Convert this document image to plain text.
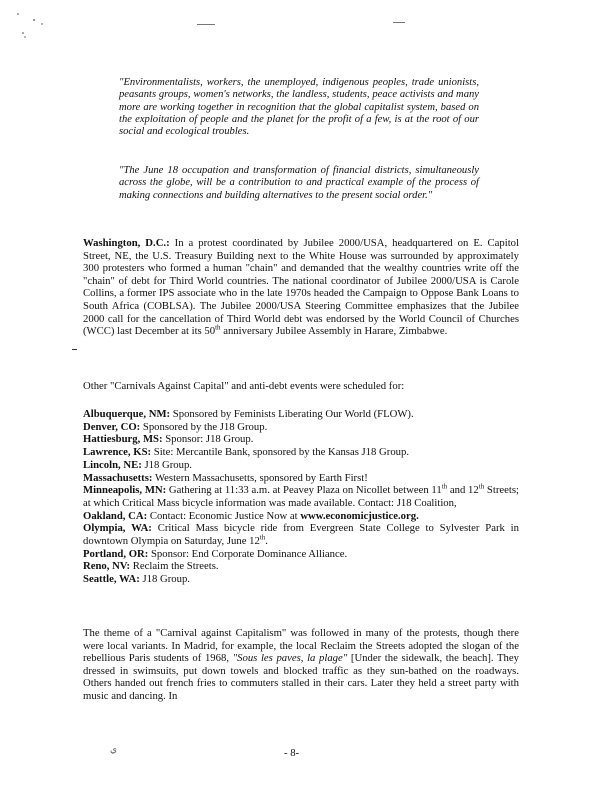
"Environmentalists, workers, the unemployed, indigenous peoples, trade unionists, peasants groups, women's networks, the landless, students, peace activists and many more are working together in recognition that the global capitalist system, based on the exploitation of people and the planet for the profit of a few, is at the root of our social and ecological troubles.
"The June 18 occupation and transformation of financial districts, simultaneously across the globe, will be a contribution to and practical example of the process of making connections and building alternatives to the present social order."
Washington, D.C.: In a protest coordinated by Jubilee 2000/USA, headquartered on E. Capitol Street, NE, the U.S. Treasury Building next to the White House was surrounded by approximately 300 protesters who formed a human "chain" and demanded that the wealthy countries write off the "chain" of debt for Third World countries. The national coordinator of Jubilee 2000/USA is Carole Collins, a former IPS associate who in the late 1970s headed the Campaign to Oppose Bank Loans to South Africa (COBLSA). The Jubilee 2000/USA Steering Committee emphasizes that the Jubilee 2000 call for the cancellation of Third World debt was endorsed by the World Council of Churches (WCC) last December at its 50th anniversary Jubilee Assembly in Harare, Zimbabwe.
Other "Carnivals Against Capital" and anti-debt events were scheduled for:
Albuquerque, NM: Sponsored by Feminists Liberating Our World (FLOW).
Denver, CO: Sponsored by the J18 Group.
Hattiesburg, MS: Sponsor: J18 Group.
Lawrence, KS: Site: Mercantile Bank, sponsored by the Kansas J18 Group.
Lincoln, NE: J18 Group.
Massachusetts: Western Massachusetts, sponsored by Earth First!
Minneapolis, MN: Gathering at 11:33 a.m. at Peavey Plaza on Nicollet between 11th and 12th Streets; at which Critical Mass bicycle information was made available. Contact: J18 Coalition,
Oakland, CA: Contact: Economic Justice Now at www.economicjustice.org.
Olympia, WA: Critical Mass bicycle ride from Evergreen State College to Sylvester Park in downtown Olympia on Saturday, June 12th.
Portland, OR: Sponsor: End Corporate Dominance Alliance.
Reno, NV: Reclaim the Streets.
Seattle, WA: J18 Group.
The theme of a "Carnival against Capitalism" was followed in many of the protests, though there were local variants. In Madrid, for example, the local Reclaim the Streets adopted the slogan of the rebellious Paris students of 1968, "Sous les paves, la plage" [Under the sidewalk, the beach]. They dressed in swimsuits, put down towels and blocked traffic as they sun-bathed on the roadways. Others handed out french fries to commuters stalled in their cars. Later they held a street party with music and dancing. In
ي	- 8-
